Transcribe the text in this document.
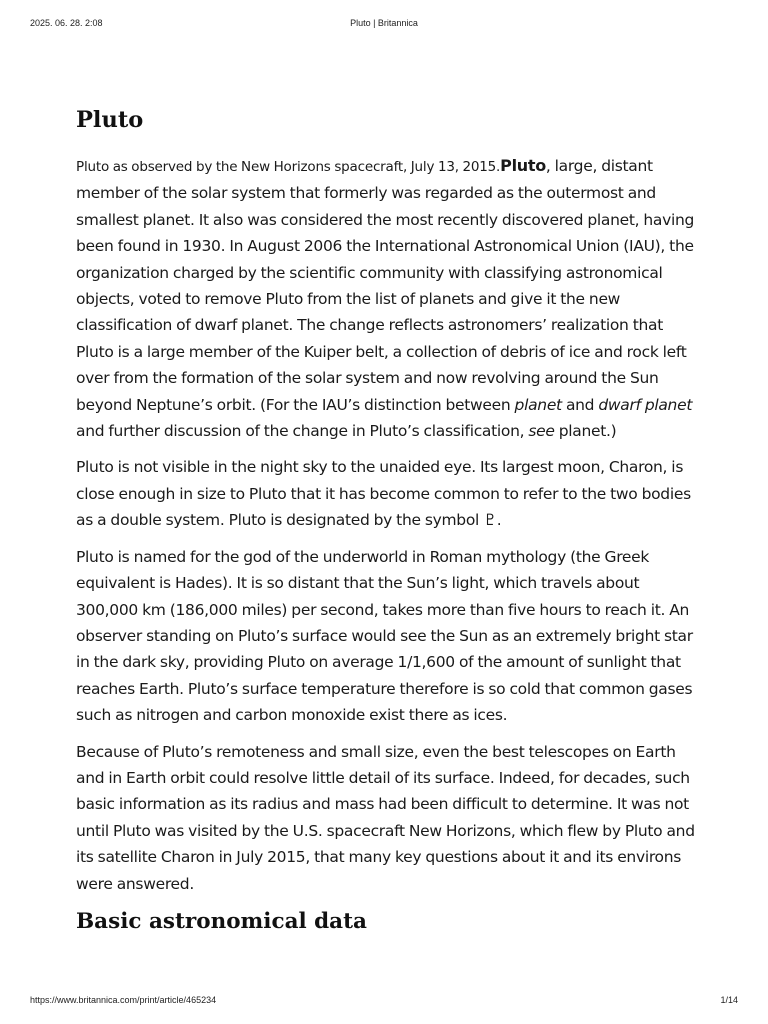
2025. 06. 28. 2:08	Pluto | Britannica
Pluto

Pluto as observed by the New Horizons spacecraft, July 13, 2015.Pluto, large, distant member of the solar system that formerly was regarded as the outermost and smallest planet. It also was considered the most recently discovered planet, having been found in 1930. In August 2006 the International Astronomical Union (IAU), the organization charged by the scientific community with classifying astronomical objects, voted to remove Pluto from the list of planets and give it the new classification of dwarf planet. The change reflects astronomers’ realization that Pluto is a large member of the Kuiper belt, a collection of debris of ice and rock left over from the formation of the solar system and now revolving around the Sun beyond Neptune’s orbit. (For the IAU’s distinction between planet and dwarf planet and further discussion of the change in Pluto’s classification, see planet.)

Pluto is not visible in the night sky to the unaided eye. Its largest moon, Charon, is close enough in size to Pluto that it has become common to refer to the two bodies as a double system. Pluto is designated by the symbol ♇.

Pluto is named for the god of the underworld in Roman mythology (the Greek equivalent is Hades). It is so distant that the Sun’s light, which travels about 300,000 km (186,000 miles) per second, takes more than five hours to reach it. An observer standing on Pluto’s surface would see the Sun as an extremely bright star in the dark sky, providing Pluto on average 1/1,600 of the amount of sunlight that reaches Earth. Pluto’s surface temperature therefore is so cold that common gases such as nitrogen and carbon monoxide exist there as ices.

Because of Pluto’s remoteness and small size, even the best telescopes on Earth and in Earth orbit could resolve little detail of its surface. Indeed, for decades, such basic information as its radius and mass had been difficult to determine. It was not until Pluto was visited by the U.S. spacecraft New Horizons, which flew by Pluto and its satellite Charon in July 2015, that many key questions about it and its environs were answered.

Basic astronomical data
https://www.britannica.com/print/article/465234	1/14
